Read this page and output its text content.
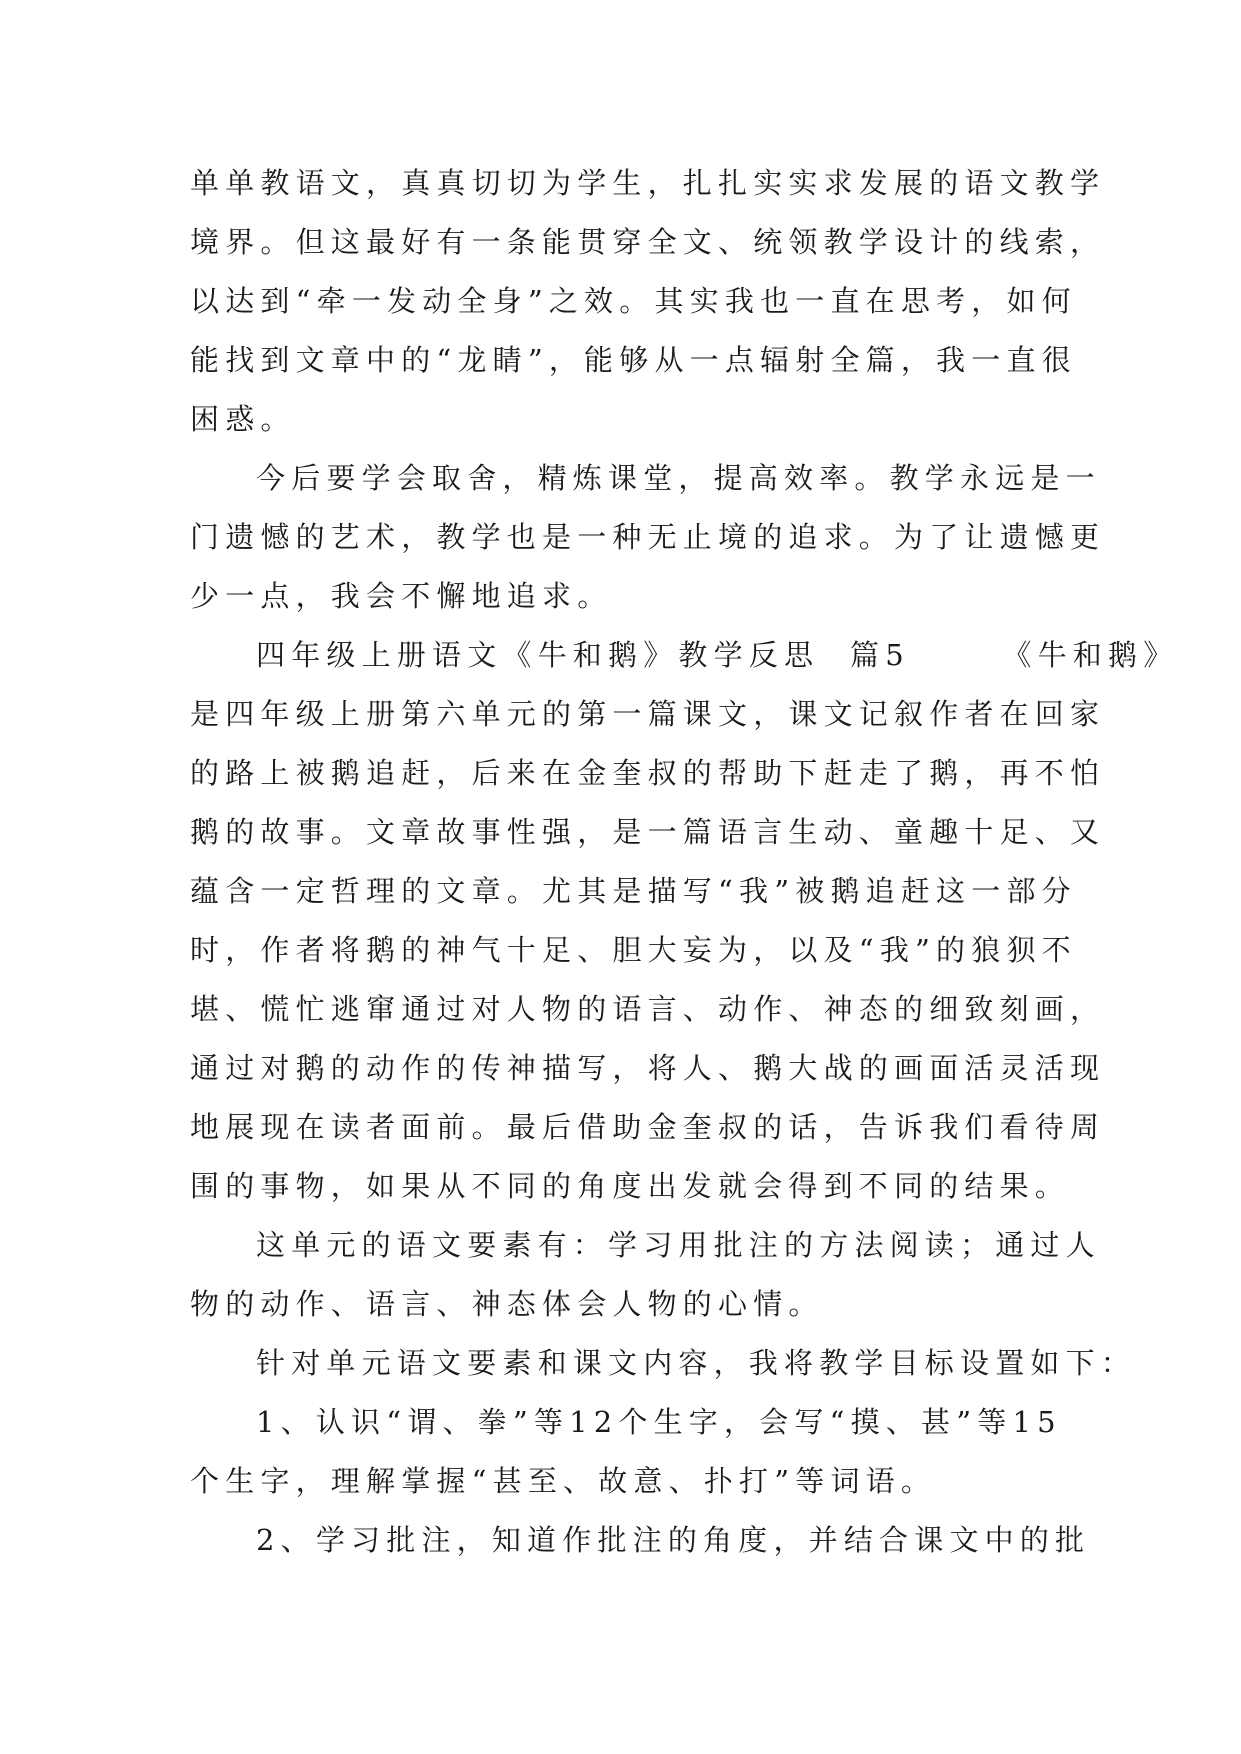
单单教语文，真真切切为学生，扎扎实实求发展的语文教学
境界。但这最好有一条能贯穿全文、统领教学设计的线索，
以达到“牵一发动全身”之效。其实我也一直在思考，如何
能找到文章中的“龙睛”，能够从一点辐射全篇，我一直很
困惑。
今后要学会取舍，精炼课堂，提高效率。教学永远是一
门遗憾的艺术，教学也是一种无止境的追求。为了让遗憾更
少一点，我会不懈地追求。
四年级上册语文《牛和鹅》教学反思  篇5      《牛和鹅》
是四年级上册第六单元的第一篇课文，课文记叙作者在回家
的路上被鹅追赶，后来在金奎叔的帮助下赶走了鹅，再不怕
鹅的故事。文章故事性强，是一篇语言生动、童趣十足、又
蕴含一定哲理的文章。尤其是描写“我”被鹅追赶这一部分
时，作者将鹅的神气十足、胆大妄为，以及“我”的狼狈不
堪、慌忙逃窜通过对人物的语言、动作、神态的细致刻画，
通过对鹅的动作的传神描写，将人、鹅大战的画面活灵活现
地展现在读者面前。最后借助金奎叔的话，告诉我们看待周
围的事物，如果从不同的角度出发就会得到不同的结果。
这单元的语文要素有：学习用批注的方法阅读；通过人
物的动作、语言、神态体会人物的心情。
针对单元语文要素和课文内容，我将教学目标设置如下：
1、认识“谓、拳”等12个生字，会写“摸、甚”等15
个生字，理解掌握“甚至、故意、扑打”等词语。
2、学习批注，知道作批注的角度，并结合课文中的批
